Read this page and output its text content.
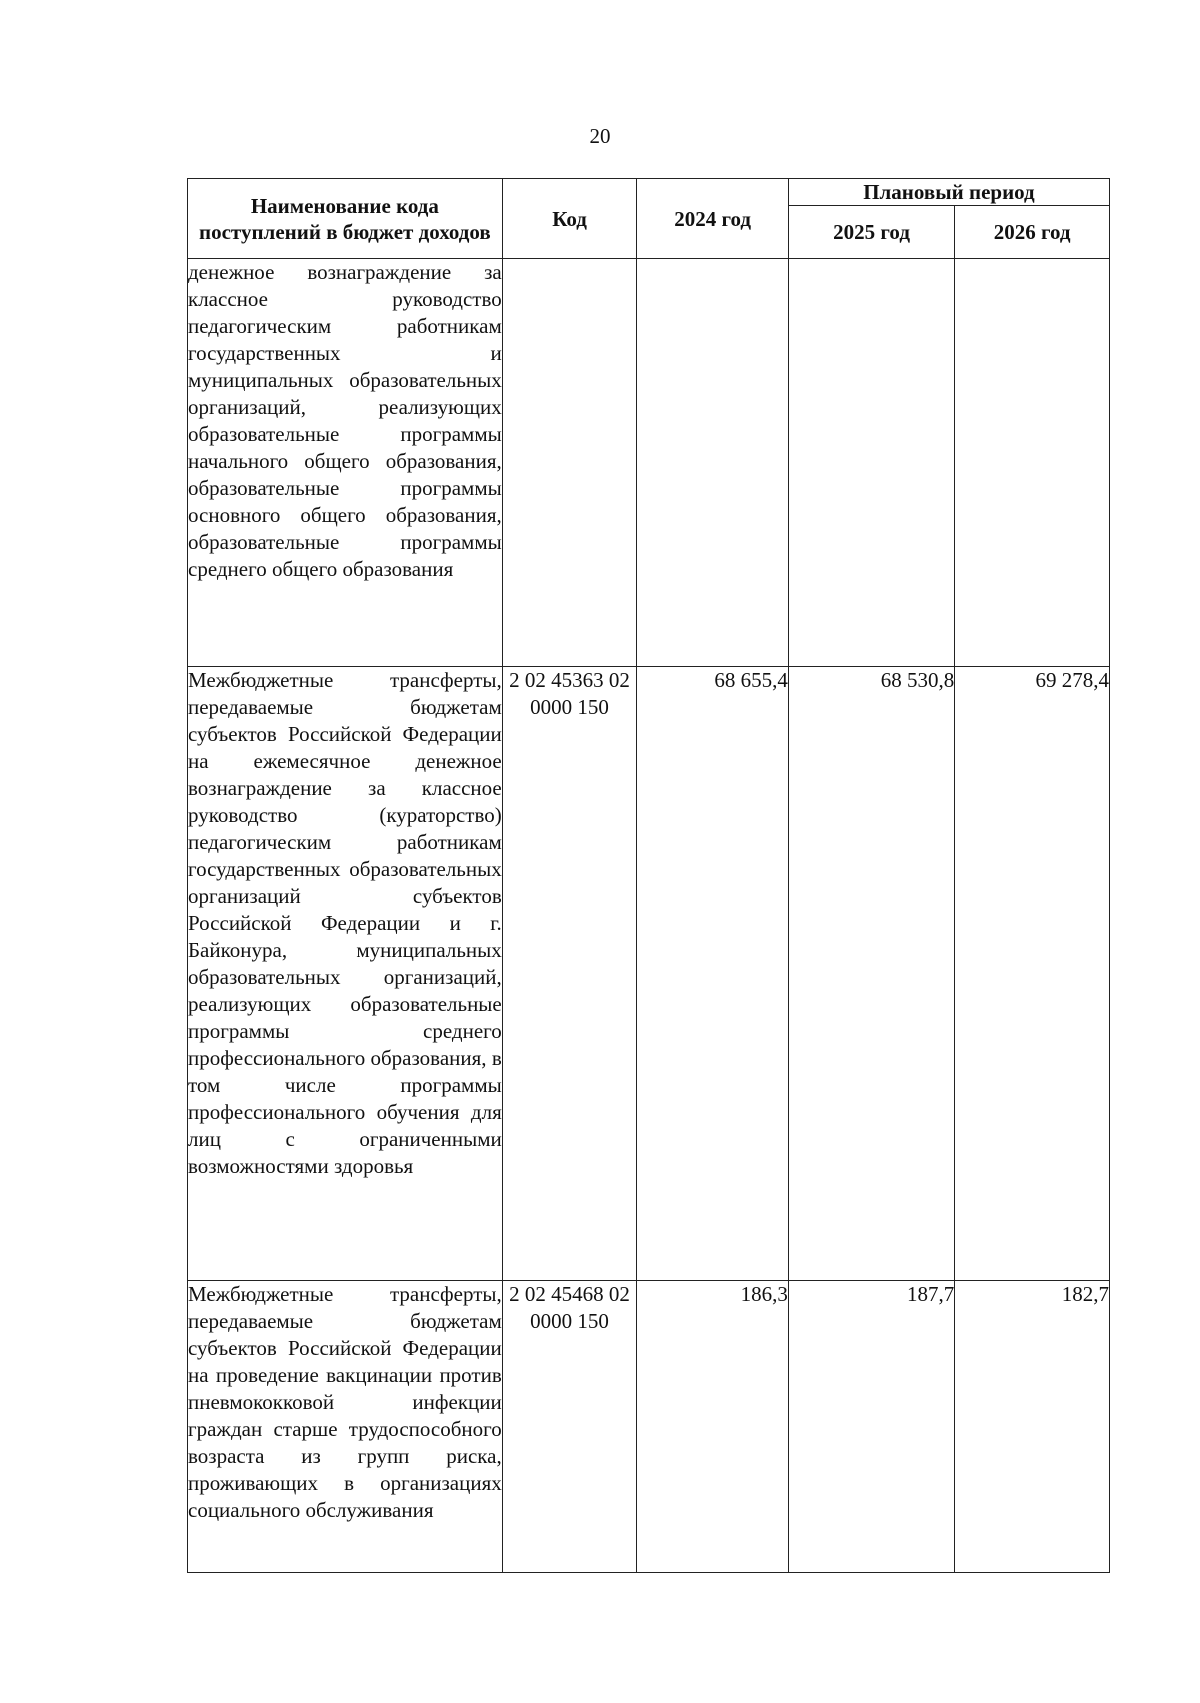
20
Наименование кода поступлений в бюджет доходов	Код	2024 год	Плановый период	
			2025 год	2026 год
денежное вознаграждение за классное руководство педагогическим работникам государственных и муниципальных образовательных организаций, реализующих образовательные программы начального общего образования, образовательные программы основного общего образования, образовательные программы среднего общего образования				
Межбюджетные трансферты, передаваемые бюджетам субъектов Российской Федерации на ежемесячное денежное вознаграждение за классное руководство (кураторство) педагогическим работникам государственных образовательных организаций субъектов Российской Федерации и г. Байконура, муниципальных образовательных организаций, реализующих образовательные программы среднего профессионального образования, в том числе программы профессионального обучения для лиц с ограниченными возможностями здоровья	2 02 45363 02 0000 150	68 655,4	68 530,8	69 278,4
Межбюджетные трансферты, передаваемые бюджетам субъектов Российской Федерации на проведение вакцинации против пневмококковой инфекции граждан старше трудоспособного возраста из групп риска, проживающих в организациях социального обслуживания	2 02 45468 02 0000 150	186,3	187,7	182,7
